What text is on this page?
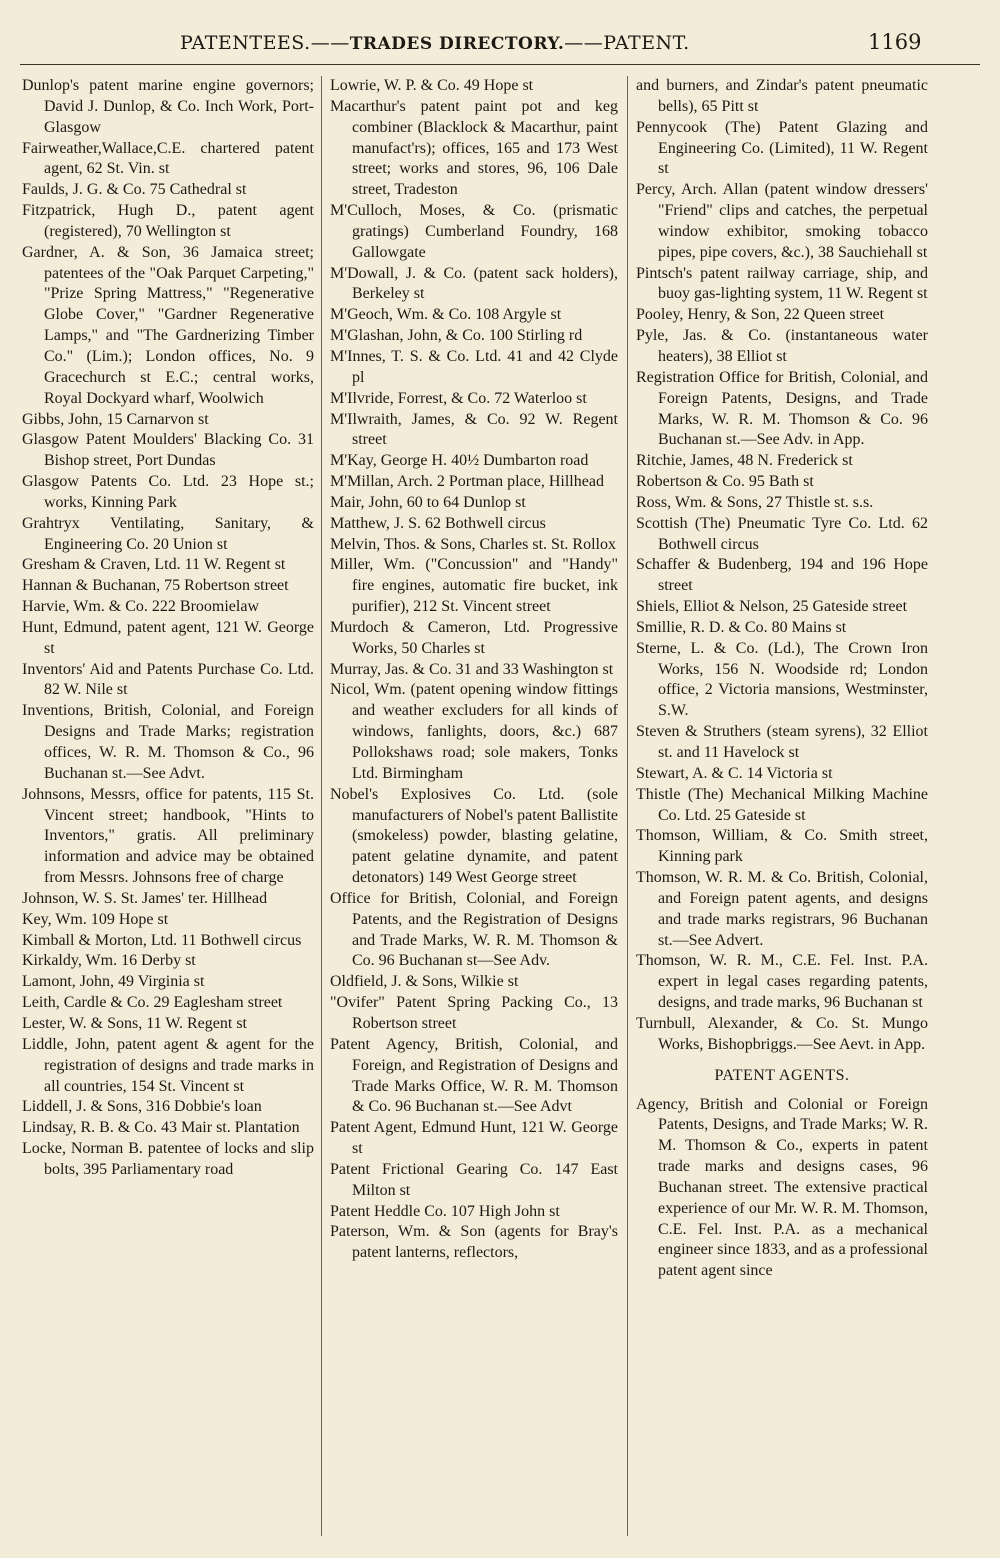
PATENTEES.——TRADES DIRECTORY.——PATENT.	1169

Dunlop's patent marine engine governors; David J. Dunlop, & Co. Inch Work, Port-Glasgow

Fairweather,Wallace,C.E. chartered patent agent, 62 St. Vin. st

Faulds, J. G. & Co. 75 Cathedral st

Fitzpatrick, Hugh D., patent agent (registered), 70 Wellington st

Gardner, A. & Son, 36 Jamaica street; patentees of the "Oak Parquet Carpeting," "Prize Spring Mattress," "Regenerative Globe Cover," "Gardner Regenerative Lamps," and "The Gardnerizing Timber Co." (Lim.); London offices, No. 9 Gracechurch st E.C.; central works, Royal Dockyard wharf, Woolwich

Gibbs, John, 15 Carnarvon st

Glasgow Patent Moulders' Blacking Co. 31 Bishop street, Port Dundas

Glasgow Patents Co. Ltd. 23 Hope st.; works, Kinning Park

Grahtryx Ventilating, Sanitary, & Engineering Co. 20 Union st

Gresham & Craven, Ltd. 11 W. Regent st

Hannan & Buchanan, 75 Robertson street

Harvie, Wm. & Co. 222 Broomielaw

Hunt, Edmund, patent agent, 121 W. George st

Inventors' Aid and Patents Purchase Co. Ltd. 82 W. Nile st

Inventions, British, Colonial, and Foreign Designs and Trade Marks; registration offices, W. R. M. Thomson & Co., 96 Buchanan st.—See Advt.

Johnsons, Messrs, office for patents, 115 St. Vincent street; handbook, "Hints to Inventors," gratis. All preliminary information and advice may be obtained from Messrs. Johnsons free of charge

Johnson, W. S. St. James' ter. Hillhead

Key, Wm. 109 Hope st

Kimball & Morton, Ltd. 11 Bothwell circus

Kirkaldy, Wm. 16 Derby st

Lamont, John, 49 Virginia st

Leith, Cardle & Co. 29 Eaglesham street

Lester, W. & Sons, 11 W. Regent st

Liddle, John, patent agent & agent for the registration of designs and trade marks in all countries, 154 St. Vincent st

Liddell, J. & Sons, 316 Dobbie's loan

Lindsay, R. B. & Co. 43 Mair st. Plantation

Locke, Norman B. patentee of locks and slip bolts, 395 Parliamentary road

Lowrie, W. P. & Co. 49 Hope st

Macarthur's patent paint pot and keg combiner (Blacklock & Macarthur, paint manufact'rs); offices, 165 and 173 West street; works and stores, 96, 106 Dale street, Tradeston

M'Culloch, Moses, & Co. (prismatic gratings) Cumberland Foundry, 168 Gallowgate

M'Dowall, J. & Co. (patent sack holders), Berkeley st

M'Geoch, Wm. & Co. 108 Argyle st

M'Glashan, John, & Co. 100 Stirling rd

M'Innes, T. S. & Co. Ltd. 41 and 42 Clyde pl

M'Ilvride, Forrest, & Co. 72 Waterloo st

M'Ilwraith, James, & Co. 92 W. Regent street

M'Kay, George H. 40½ Dumbarton road

M'Millan, Arch. 2 Portman place, Hillhead

Mair, John, 60 to 64 Dunlop st

Matthew, J. S. 62 Bothwell circus

Melvin, Thos. & Sons, Charles st. St. Rollox

Miller, Wm. ("Concussion" and "Handy" fire engines, automatic fire bucket, ink purifier), 212 St. Vincent street

Murdoch & Cameron, Ltd. Progressive Works, 50 Charles st

Murray, Jas. & Co. 31 and 33 Washington st

Nicol, Wm. (patent opening window fittings and weather excluders for all kinds of windows, fanlights, doors, &c.) 687 Pollokshaws road; sole makers, Tonks Ltd. Birmingham

Nobel's Explosives Co. Ltd. (sole manufacturers of Nobel's patent Ballistite (smokeless) powder, blasting gelatine, patent gelatine dynamite, and patent detonators) 149 West George street

Office for British, Colonial, and Foreign Patents, and the Registration of Designs and Trade Marks, W. R. M. Thomson & Co. 96 Buchanan st—See Adv.

Oldfield, J. & Sons, Wilkie st

"Ovifer" Patent Spring Packing Co., 13 Robertson street

Patent Agency, British, Colonial, and Foreign, and Registration of Designs and Trade Marks Office, W. R. M. Thomson & Co. 96 Buchanan st.—See Advt

Patent Agent, Edmund Hunt, 121 W. George st

Patent Frictional Gearing Co. 147 East Milton st

Patent Heddle Co. 107 High John st

Paterson, Wm. & Son (agents for Bray's patent lanterns, reflectors,

and burners, and Zindar's patent pneumatic bells), 65 Pitt st

Pennycook (The) Patent Glazing and Engineering Co. (Limited), 11 W. Regent st

Percy, Arch. Allan (patent window dressers' "Friend" clips and catches, the perpetual window exhibitor, smoking tobacco pipes, pipe covers, &c.), 38 Sauchiehall st

Pintsch's patent railway carriage, ship, and buoy gas-lighting system, 11 W. Regent st

Pooley, Henry, & Son, 22 Queen street

Pyle, Jas. & Co. (instantaneous water heaters), 38 Elliot st

Registration Office for British, Colonial, and Foreign Patents, Designs, and Trade Marks, W. R. M. Thomson & Co. 96 Buchanan st.—See Adv. in App.

Ritchie, James, 48 N. Frederick st

Robertson & Co. 95 Bath st

Ross, Wm. & Sons, 27 Thistle st. s.s.

Scottish (The) Pneumatic Tyre Co. Ltd. 62 Bothwell circus

Schaffer & Budenberg, 194 and 196 Hope street

Shiels, Elliot & Nelson, 25 Gateside street

Smillie, R. D. & Co. 80 Mains st

Sterne, L. & Co. (Ld.), The Crown Iron Works, 156 N. Woodside rd; London office, 2 Victoria mansions, Westminster, S.W.

Steven & Struthers (steam syrens), 32 Elliot st. and 11 Havelock st

Stewart, A. & C. 14 Victoria st

Thistle (The) Mechanical Milking Machine Co. Ltd. 25 Gateside st

Thomson, William, & Co. Smith street, Kinning park

Thomson, W. R. M. & Co. British, Colonial, and Foreign patent agents, and designs and trade marks registrars, 96 Buchanan st.—See Advert.

Thomson, W. R. M., C.E. Fel. Inst. P.A. expert in legal cases regarding patents, designs, and trade marks, 96 Buchanan st

Turnbull, Alexander, & Co. St. Mungo Works, Bishopbriggs.—See Aevt. in App.

PATENT AGENTS.

Agency, British and Colonial or Foreign Patents, Designs, and Trade Marks; W. R. M. Thomson & Co., experts in patent trade marks and designs cases, 96 Buchanan street. The extensive practical experience of our Mr. W. R. M. Thomson, C.E. Fel. Inst. P.A. as a mechanical engineer since 1833, and as a professional patent agent since
